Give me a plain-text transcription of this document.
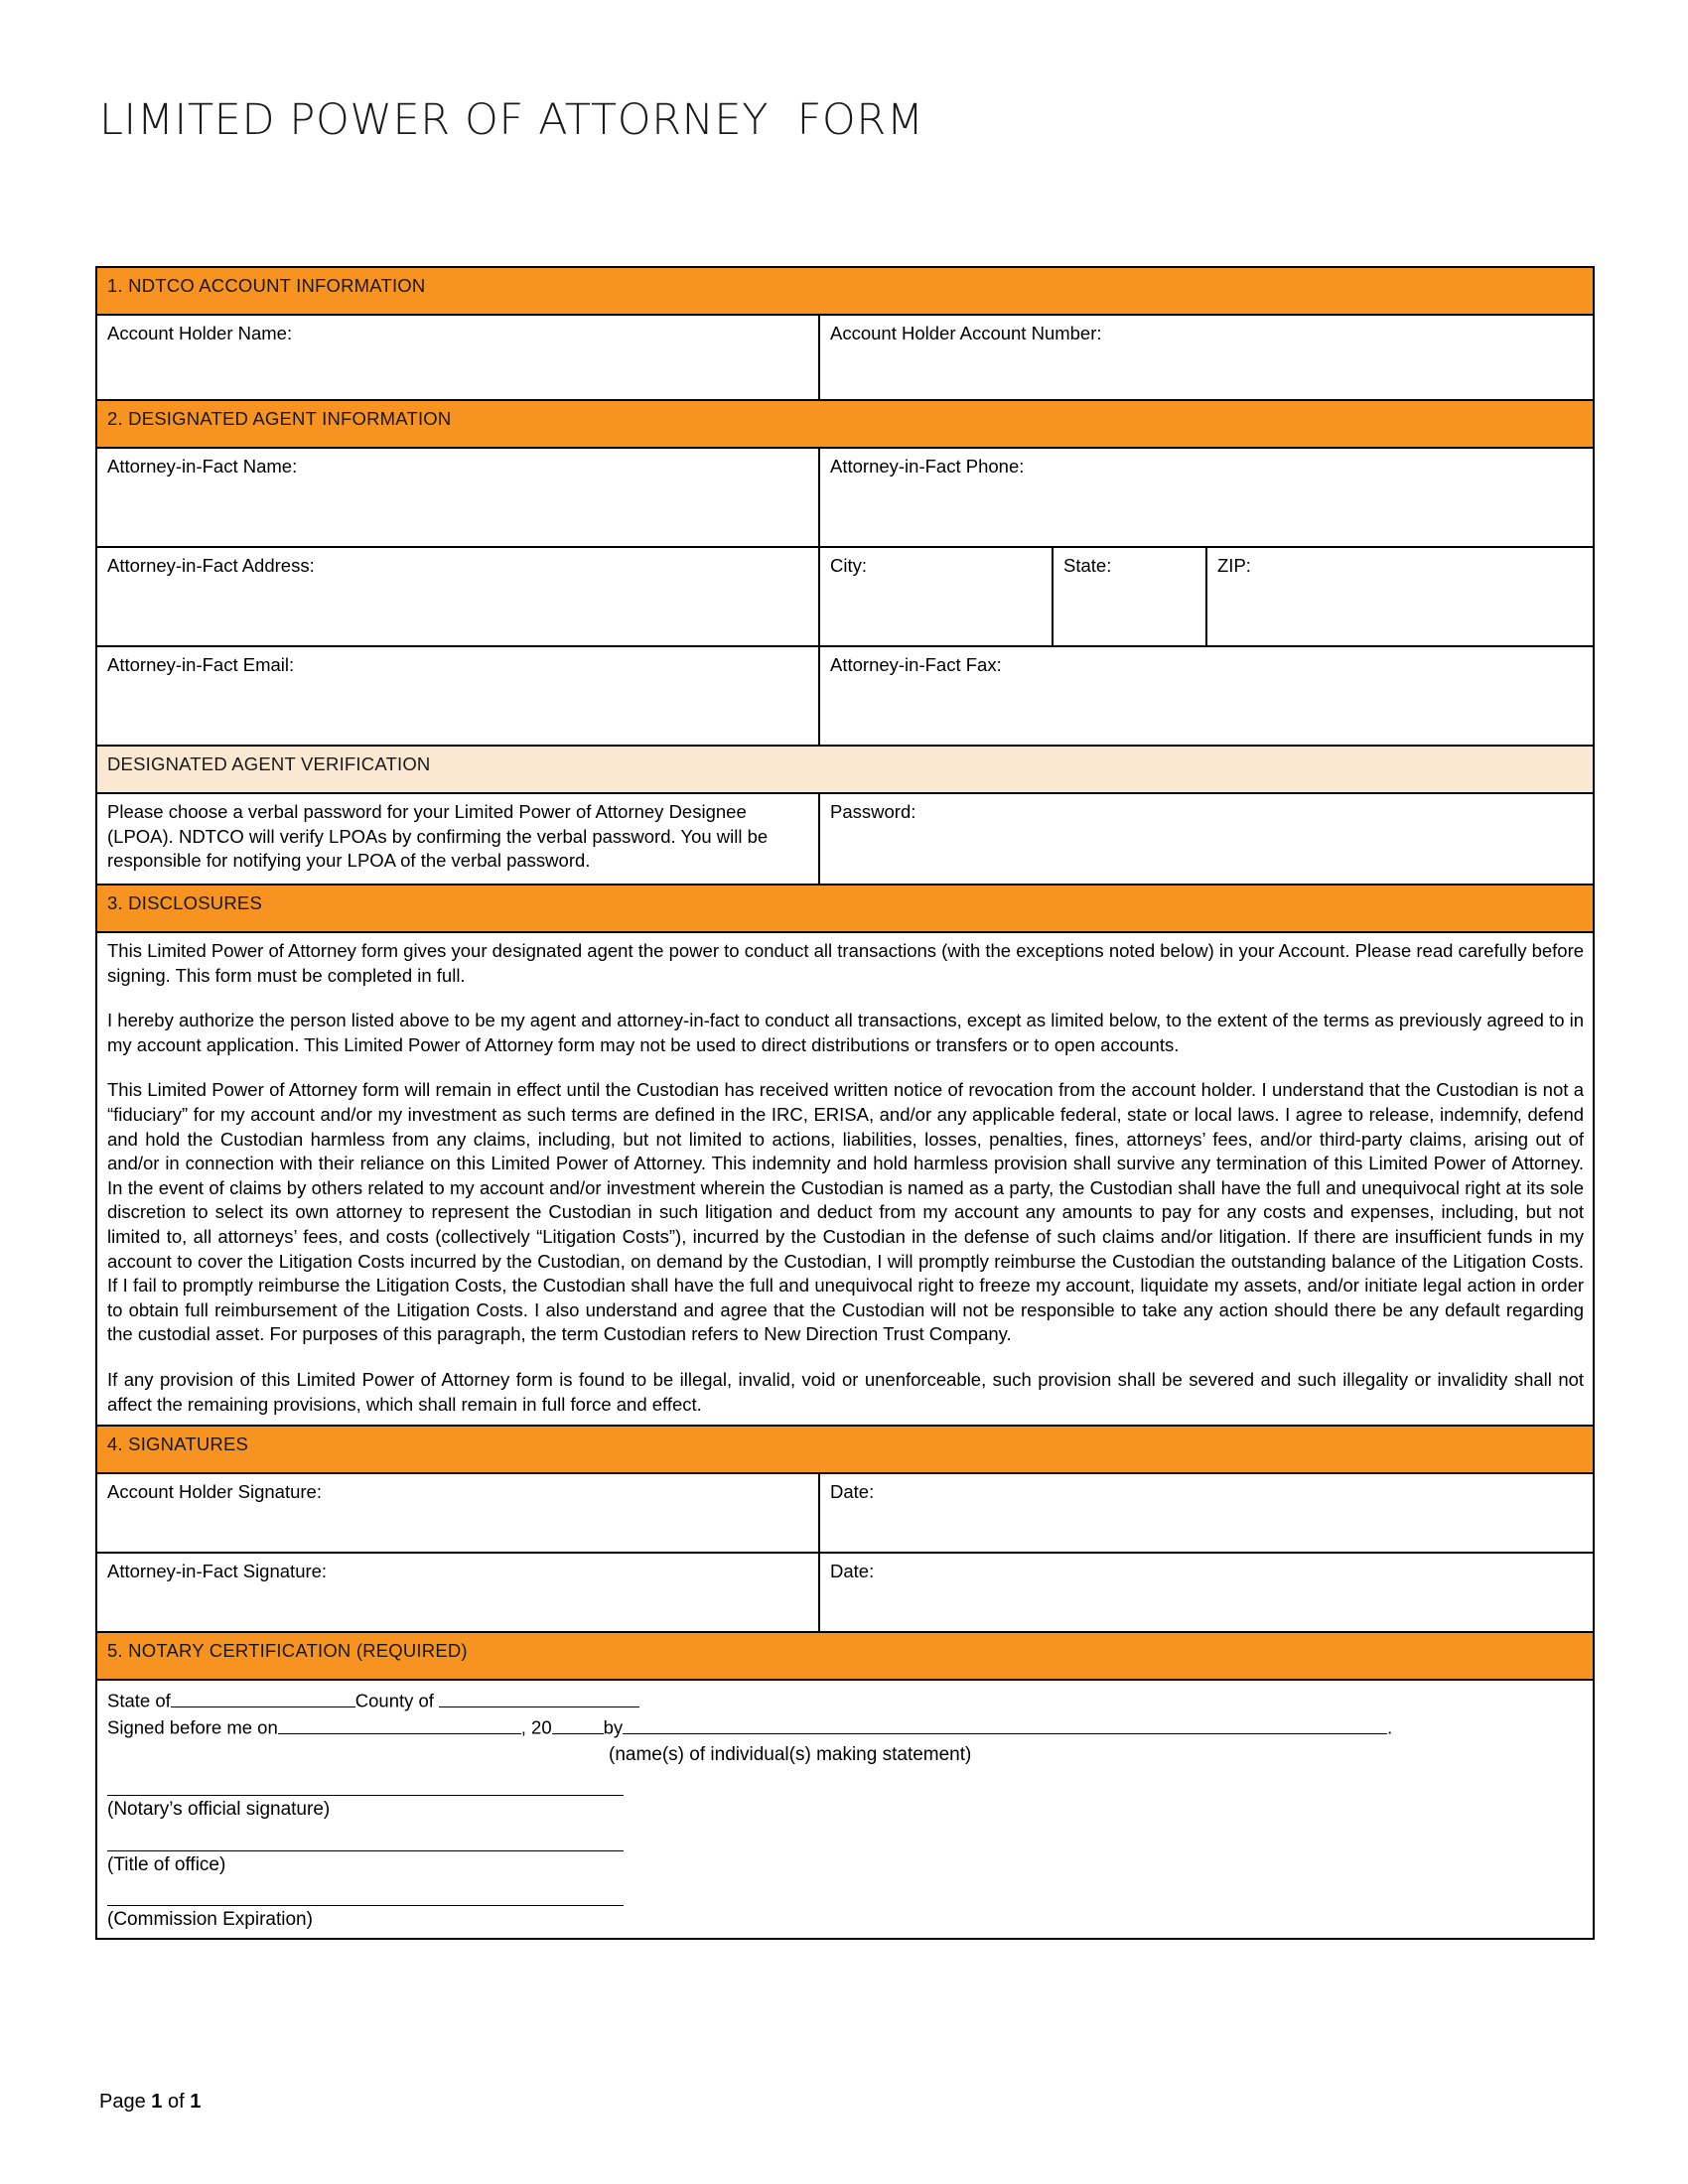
LIMITED POWER OF ATTORNEY  FORM
1. NDTCO ACCOUNT INFORMATION			
Account Holder Name:	Account Holder Account Number:		
2. DESIGNATED AGENT INFORMATION			
Attorney-in-Fact Name:	Attorney-in-Fact Phone:		
Attorney-in-Fact Address:	City:	State:	ZIP:
Attorney-in-Fact Email:	Attorney-in-Fact Fax:		
DESIGNATED AGENT VERIFICATION			
Please choose a verbal password for your Limited Power of Attorney Designee (LPOA). NDTCO will verify LPOAs by confirming the verbal password. You will be responsible for notifying your LPOA of the verbal password.	Password:		
3. DISCLOSURES			

This Limited Power of Attorney form gives your designated agent the power to conduct all transactions (with the exceptions noted below) in your Account. Please read carefully before signing. This form must be completed in full.

I hereby authorize the person listed above to be my agent and attorney-in-fact to conduct all transactions, except as limited below, to the extent of the terms as previously agreed to in my account application. This Limited Power of Attorney form may not be used to direct distributions or transfers or to open accounts.

This Limited Power of Attorney form will remain in effect until the Custodian has received written notice of revocation from the account holder. I understand that the Custodian is not a “fiduciary” for my account and/or my investment as such terms are defined in the IRC, ERISA, and/or any applicable federal, state or local laws. I agree to release, indemnify, defend and hold the Custodian harmless from any claims, including, but not limited to actions, liabilities, losses, penalties, fines, attorneys’ fees, and/or third-party claims, arising out of and/or in connection with their reliance on this Limited Power of Attorney. This indemnity and hold harmless provision shall survive any termination of this Limited Power of Attorney. In the event of claims by others related to my account and/or investment wherein the Custodian is named as a party, the Custodian shall have the full and unequivocal right at its sole discretion to select its own attorney to represent the Custodian in such litigation and deduct from my account any amounts to pay for any costs and expenses, including, but not limited to, all attorneys’ fees, and costs (collectively “Litigation Costs”), incurred by the Custodian in the defense of such claims and/or litigation. If there are insufficient funds in my account to cover the Litigation Costs incurred by the Custodian, on demand by the Custodian, I will promptly reimburse the Custodian the outstanding balance of the Litigation Costs. If I fail to promptly reimburse the Litigation Costs, the Custodian shall have the full and unequivocal right to freeze my account, liquidate my assets, and/or initiate legal action in order to obtain full reimbursement of the Litigation Costs. I also understand and agree that the Custodian will not be responsible to take any action should there be any default regarding the custodial asset. For purposes of this paragraph, the term Custodian refers to New Direction Trust Company.

If any provision of this Limited Power of Attorney form is found to be illegal, invalid, void or unenforceable, such provision shall be severed and such illegality or invalidity shall not affect the remaining provisions, which shall remain in full force and effect.			

4. SIGNATURES			
Account Holder Signature:	Date:		
Attorney-in-Fact Signature:	Date:		
5. NOTARY CERTIFICATION (REQUIRED)			

State of	County of
Signed before me on	, 20	by	.
(name(s) of individual(s) making statement)
(Notary’s official signature)
(Title of office)
(Commission Expiration)
Page 1 of 1
